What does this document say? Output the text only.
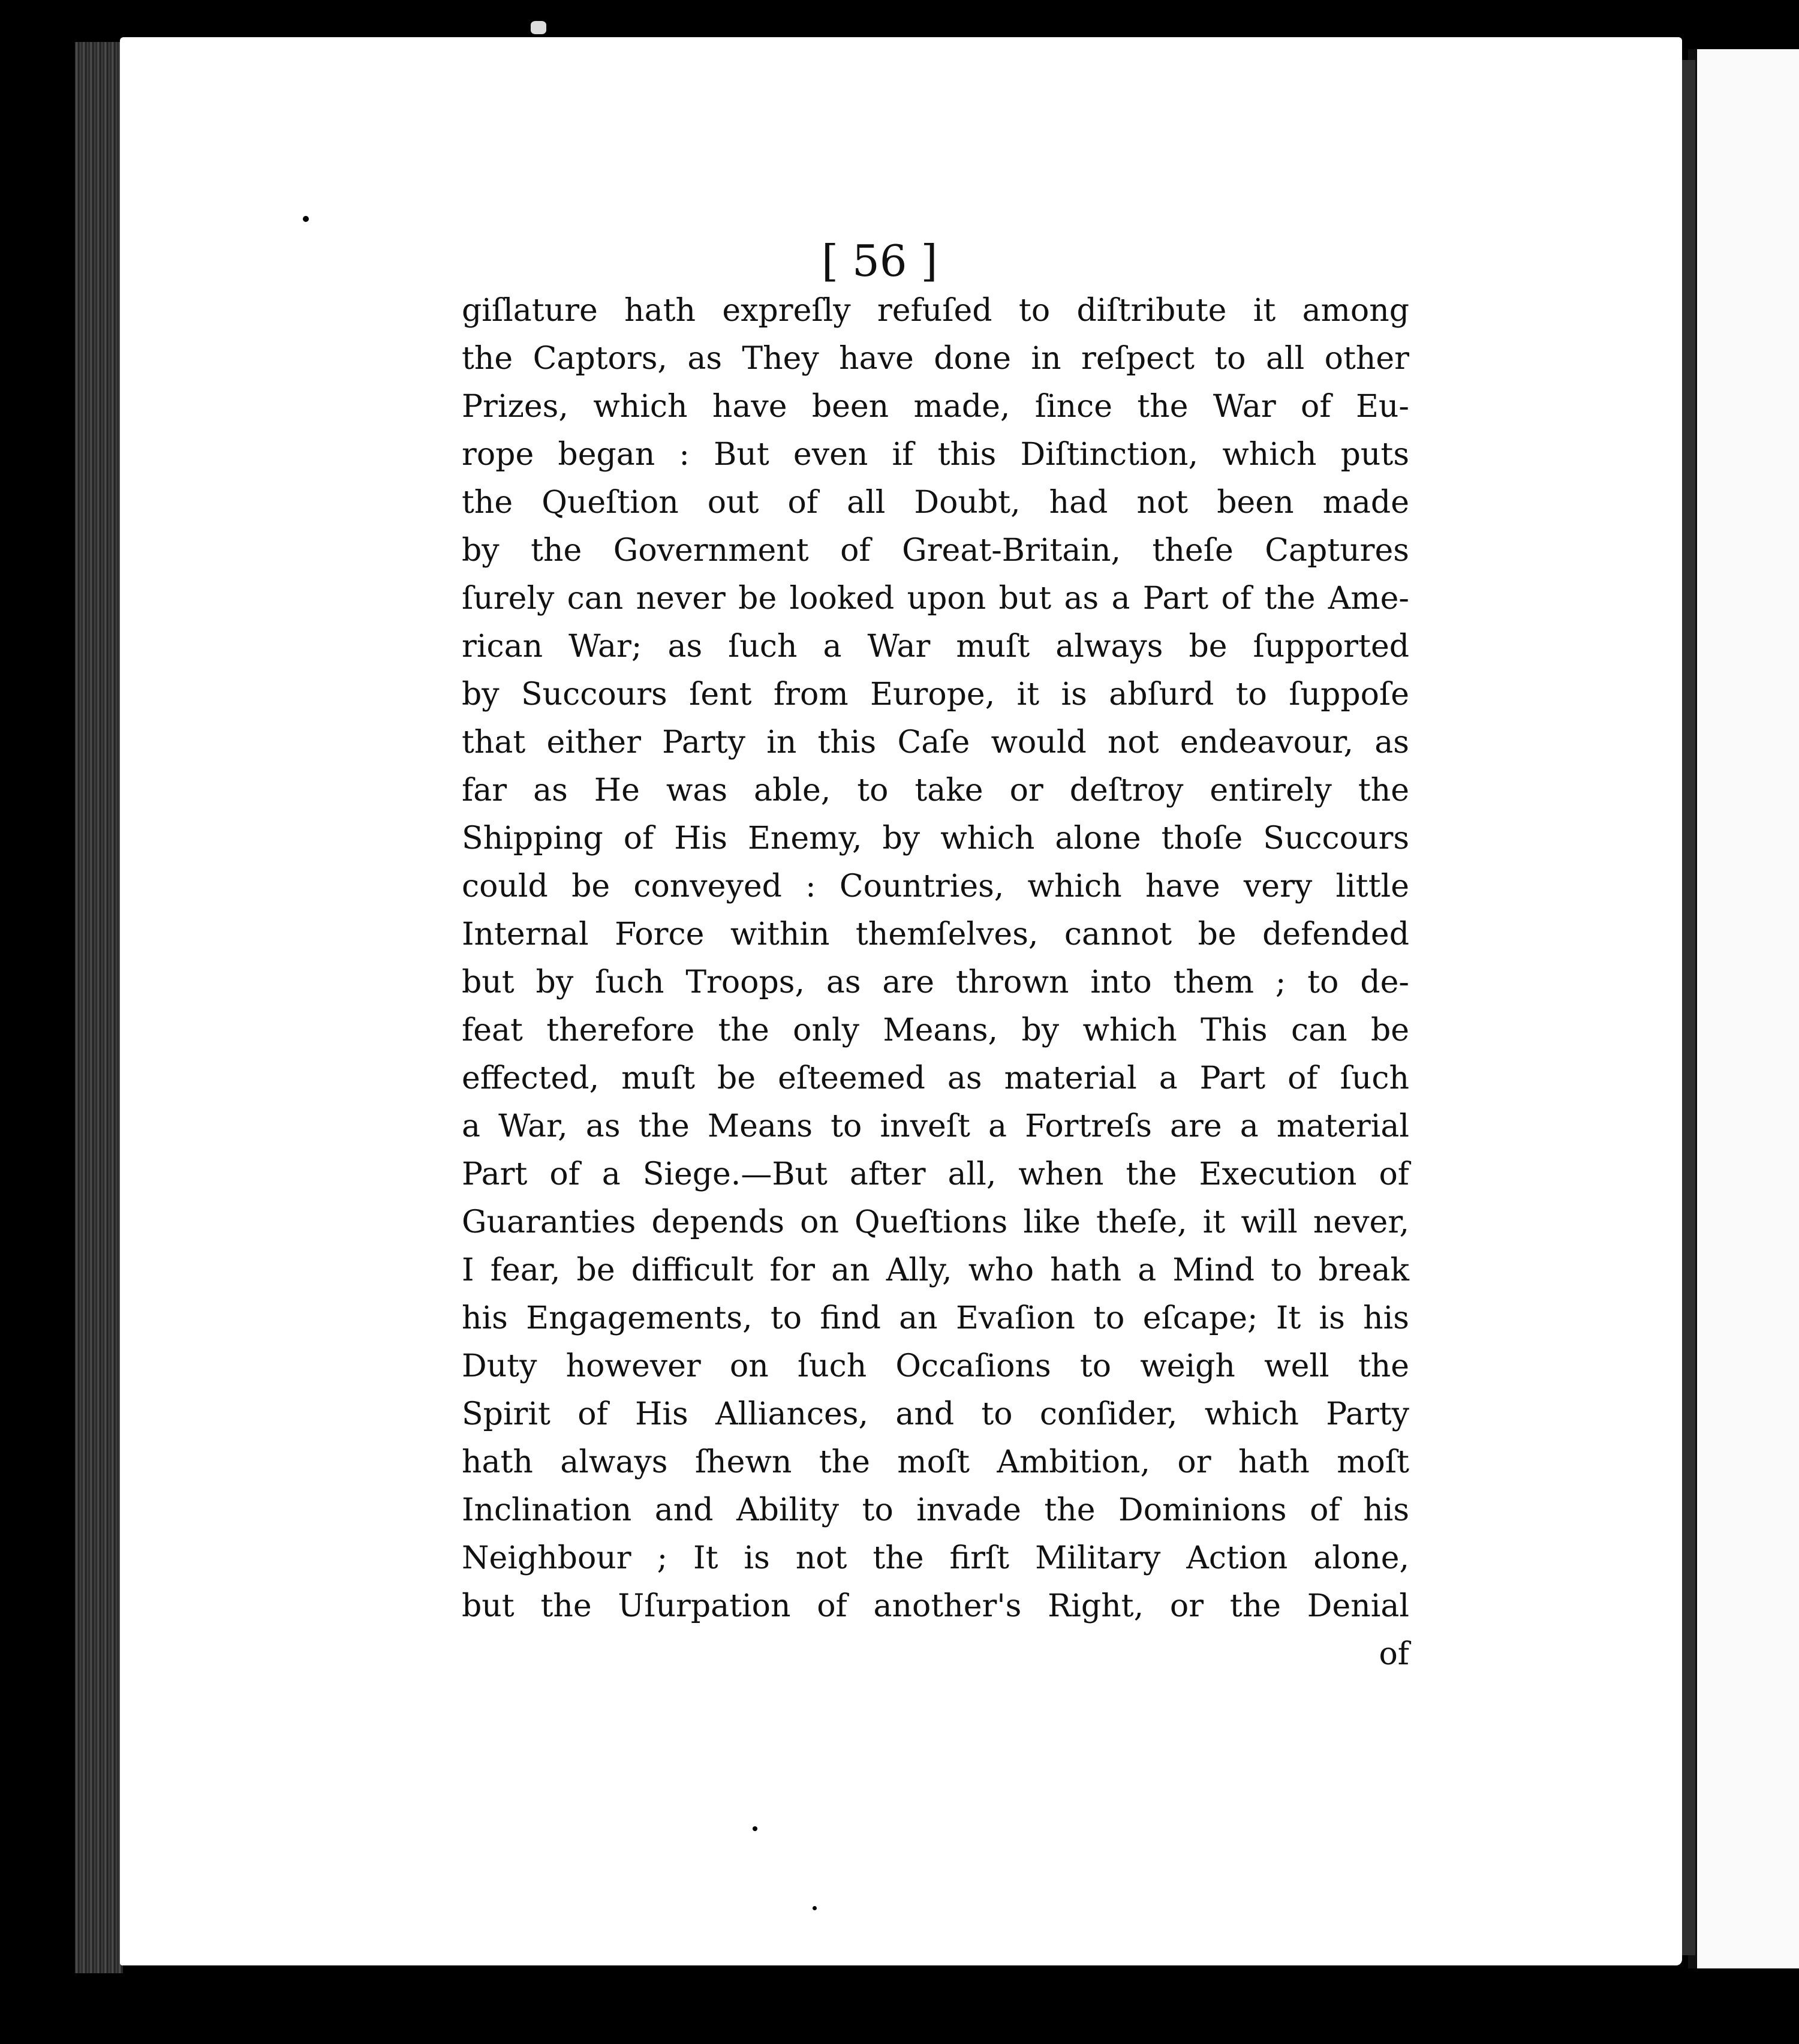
[ 56 ]
giſlature hath expreſly refuſed to diſtribute it among
the Captors, as They have done in reſpect to all other
Prizes, which have been made, ſince the War of Eu-
rope began : But even if this Diſtinction, which puts
the Queſtion out of all Doubt, had not been made
by the Government of Great-Britain, theſe Captures
ſurely can never be looked upon but as a Part of the Ame-
rican War; as ſuch a War muſt always be ſupported
by Succours ſent from Europe, it is abſurd to ſuppoſe
that either Party in this Caſe would not endeavour, as
far as He was able, to take or deſtroy entirely the
Shipping of His Enemy, by which alone thoſe Succours
could be conveyed : Countries, which have very little
Internal Force within themſelves, cannot be defended
but by ſuch Troops, as are thrown into them ; to de-
feat therefore the only Means, by which This can be
effected, muſt be eſteemed as material a Part of ſuch
a War, as the Means to inveſt a Fortreſs are a material
Part of a Siege.—But after all, when the Execution of
Guaranties depends on Queſtions like theſe, it will never,
I fear, be difficult for an Ally, who hath a Mind to break
his Engagements, to find an Evaſion to eſcape; It is his
Duty however on ſuch Occaſions to weigh well the
Spirit of His Alliances, and to conſider, which Party
hath always ſhewn the moſt Ambition, or hath moſt
Inclination and Ability to invade the Dominions of his
Neighbour ; It is not the firſt Military Action alone,
but the Uſurpation of another's Right, or the Denial
of
